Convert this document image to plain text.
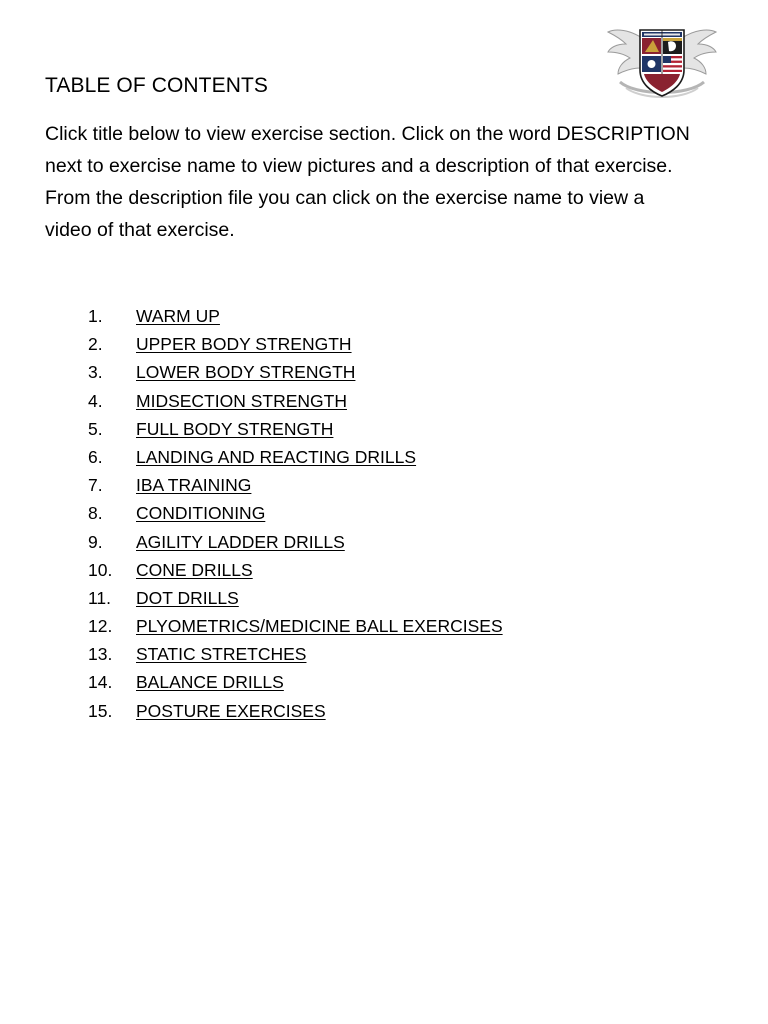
TABLE OF CONTENTS
Click title below to view exercise section. Click on the word DESCRIPTION
next to exercise name to view pictures and a description of that exercise.
From the description file you can click on the exercise name to view a
video of that exercise.
1.	WARM UP
2.	UPPER BODY STRENGTH
3.	LOWER BODY STRENGTH
4.	MIDSECTION STRENGTH
5.	FULL BODY STRENGTH
6.	LANDING AND REACTING DRILLS
7.	IBA TRAINING
8.	CONDITIONING
9.	AGILITY LADDER DRILLS
10.	CONE DRILLS
11.	DOT DRILLS
12.	PLYOMETRICS/MEDICINE BALL EXERCISES
13.	STATIC STRETCHES
14.	BALANCE DRILLS
15.	POSTURE EXERCISES
